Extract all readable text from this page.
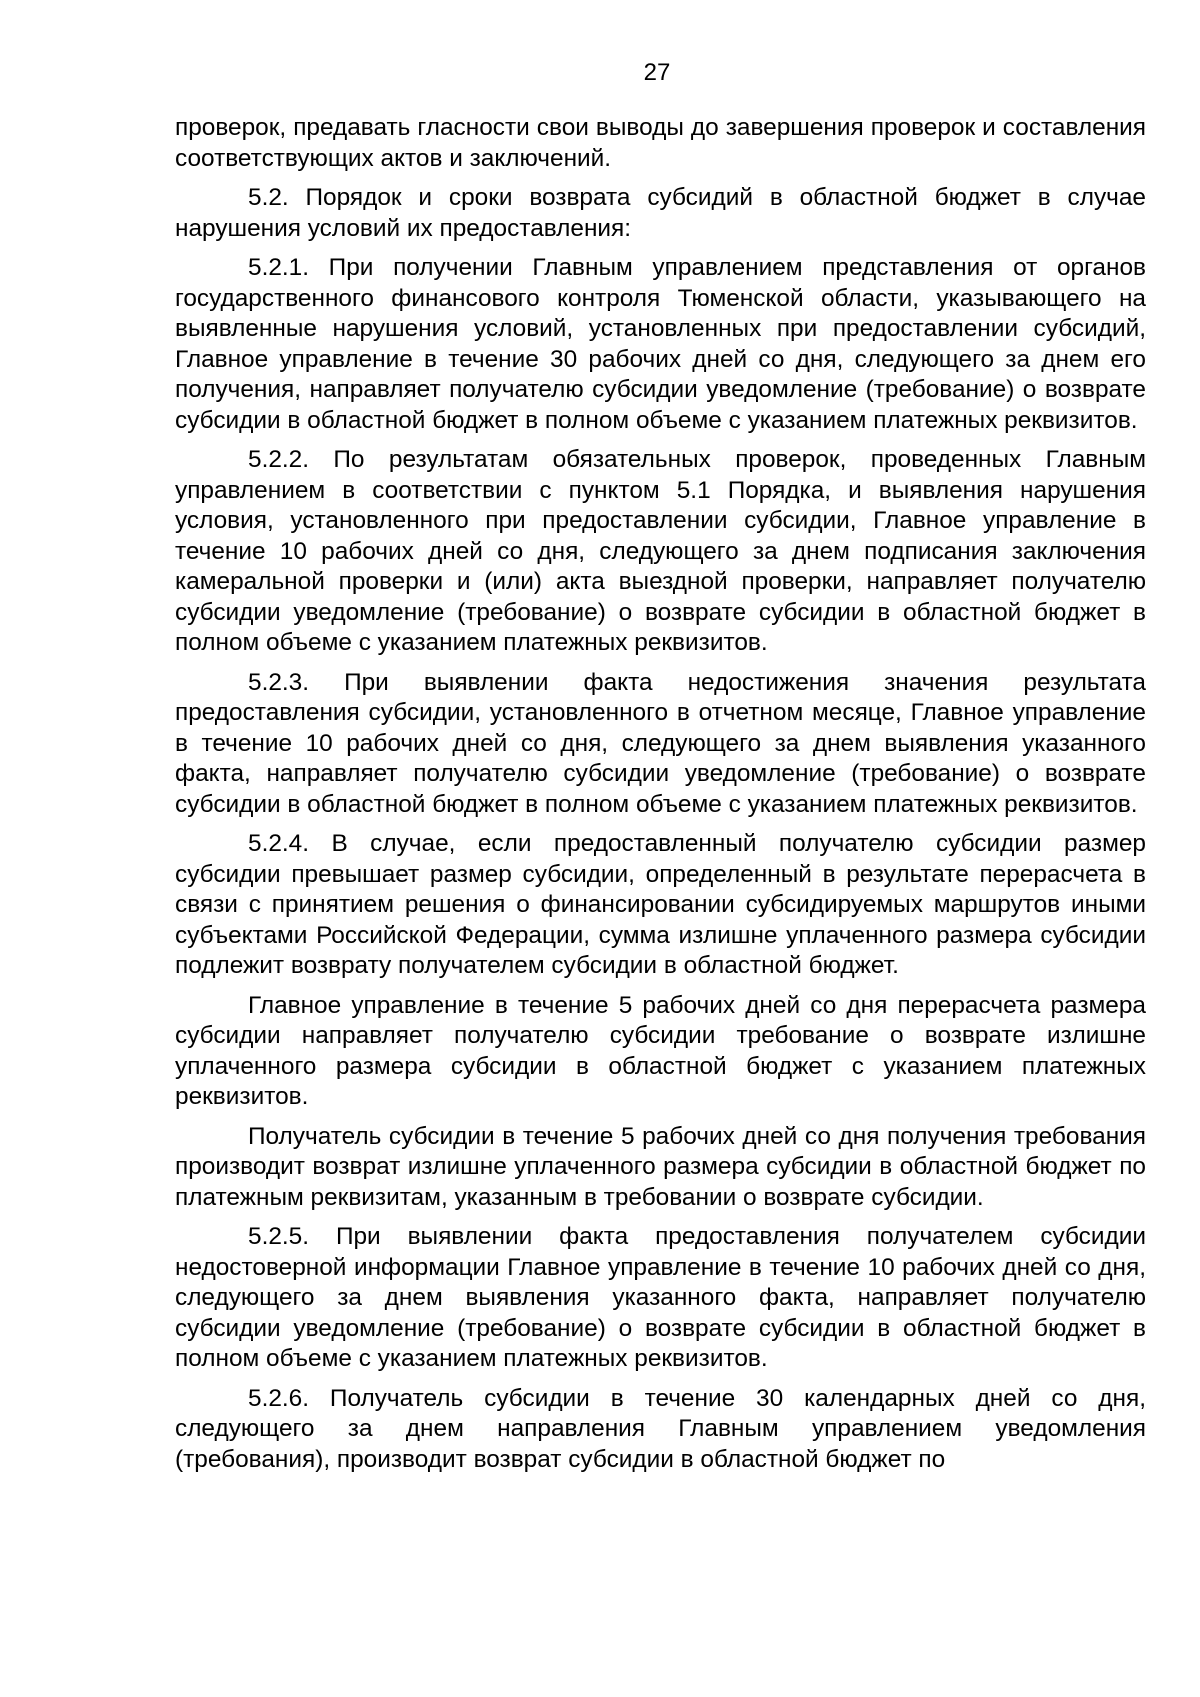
27

проверок, предавать гласности свои выводы до завершения проверок и составления соответствующих актов и заключений.

5.2. Порядок и сроки возврата субсидий в областной бюджет в случае нарушения условий их предоставления:

5.2.1. При получении Главным управлением представления от органов государственного финансового контроля Тюменской области, указывающего на выявленные нарушения условий, установленных при предоставлении субсидий, Главное управление в течение 30 рабочих дней со дня, следующего за днем его получения, направляет получателю субсидии уведомление (требование) о возврате субсидии в областной бюджет в полном объеме с указанием платежных реквизитов.

5.2.2. По результатам обязательных проверок, проведенных Главным управлением в соответствии с пунктом 5.1 Порядка, и выявления нарушения условия, установленного при предоставлении субсидии, Главное управление в течение 10 рабочих дней со дня, следующего за днем подписания заключения камеральной проверки и (или) акта выездной проверки, направляет получателю субсидии уведомление (требование) о возврате субсидии в областной бюджет в полном объеме с указанием платежных реквизитов.

5.2.3. При выявлении факта недостижения значения результата предоставления субсидии, установленного в отчетном месяце, Главное управление в течение 10 рабочих дней со дня, следующего за днем выявления указанного факта, направляет получателю субсидии уведомление (требование) о возврате субсидии в областной бюджет в полном объеме с указанием платежных реквизитов.

5.2.4. В случае, если предоставленный получателю субсидии размер субсидии превышает размер субсидии, определенный в результате перерасчета в связи с принятием решения о финансировании субсидируемых маршрутов иными субъектами Российской Федерации, сумма излишне уплаченного размера субсидии подлежит возврату получателем субсидии в областной бюджет.

Главное управление в течение 5 рабочих дней со дня перерасчета размера субсидии направляет получателю субсидии требование о возврате излишне уплаченного размера субсидии в областной бюджет с указанием платежных реквизитов.

Получатель субсидии в течение 5 рабочих дней со дня получения требования производит возврат излишне уплаченного размера субсидии в областной бюджет по платежным реквизитам, указанным в требовании о возврате субсидии.

5.2.5. При выявлении факта предоставления получателем субсидии недостоверной информации Главное управление в течение 10 рабочих дней со дня, следующего за днем выявления указанного факта, направляет получателю субсидии уведомление (требование) о возврате субсидии в областной бюджет в полном объеме с указанием платежных реквизитов.

5.2.6. Получатель субсидии в течение 30 календарных дней со дня, следующего за днем направления Главным управлением уведомления (требования), производит возврат субсидии в областной бюджет по
